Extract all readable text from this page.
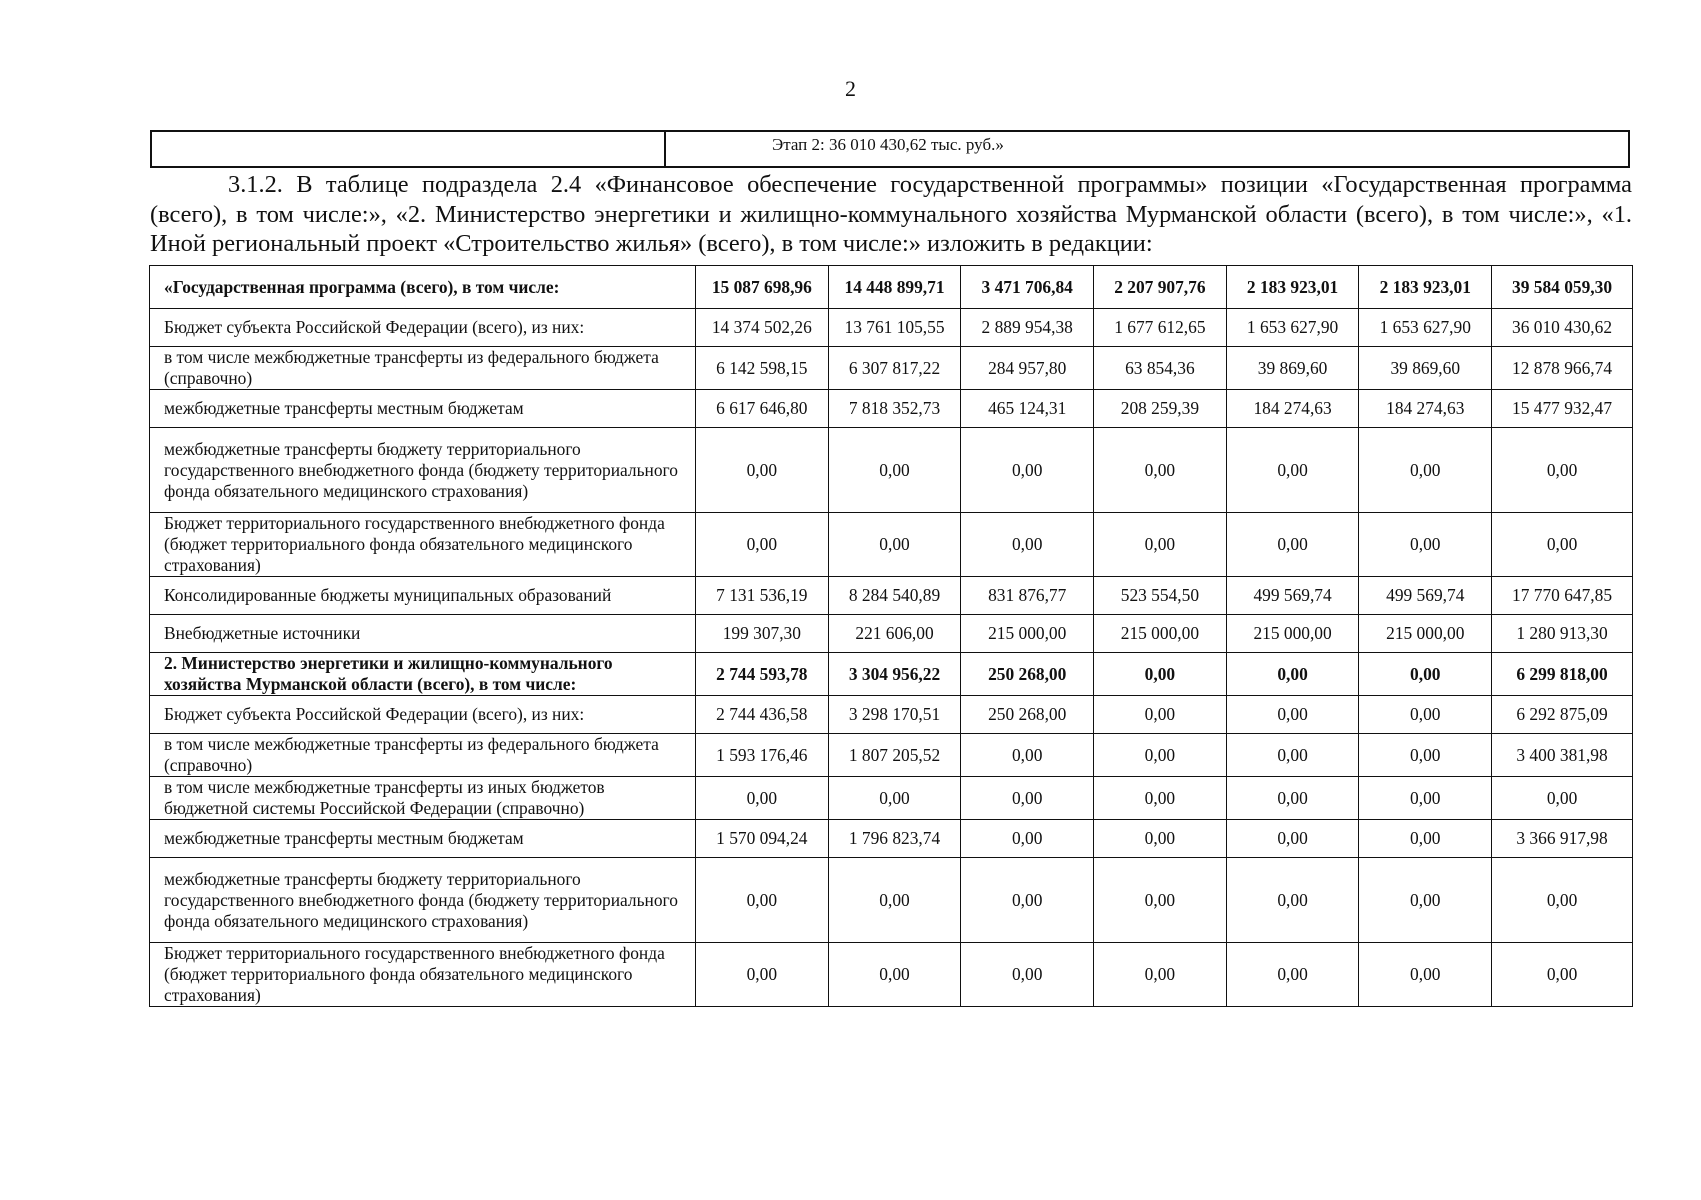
2
Этап 2: 36 010 430,62 тыс. руб.»

3.1.2. В таблице подраздела 2.4 «Финансовое обеспечение государственной программы» позиции «Государственная программа (всего), в том числе:», «2. Министерство энергетики и жилищно-коммунального хозяйства Мурманской области (всего), в том числе:», «1. Иной региональный проект «Строительство жилья» (всего), в том числе:» изложить в редакции:

«Государственная программа (всего), в том числе:	15 087 698,96	14 448 899,71	3 471 706,84	2 207 907,76	2 183 923,01	2 183 923,01	39 584 059,30
Бюджет субъекта Российской Федерации (всего), из них:	14 374 502,26	13 761 105,55	2 889 954,38	1 677 612,65	1 653 627,90	1 653 627,90	36 010 430,62
в том числе межбюджетные трансферты из федерального бюджета (справочно)	6 142 598,15	6 307 817,22	284 957,80	63 854,36	39 869,60	39 869,60	12 878 966,74
межбюджетные трансферты местным бюджетам	6 617 646,80	7 818 352,73	465 124,31	208 259,39	184 274,63	184 274,63	15 477 932,47
межбюджетные трансферты бюджету территориального государственного внебюджетного фонда (бюджету территориального фонда обязательного медицинского страхования)	0,00	0,00	0,00	0,00	0,00	0,00	0,00
Бюджет территориального государственного внебюджетного фонда (бюджет территориального фонда обязательного медицинского страхования)	0,00	0,00	0,00	0,00	0,00	0,00	0,00
Консолидированные бюджеты муниципальных образований	7 131 536,19	8 284 540,89	831 876,77	523 554,50	499 569,74	499 569,74	17 770 647,85
Внебюджетные источники	199 307,30	221 606,00	215 000,00	215 000,00	215 000,00	215 000,00	1 280 913,30
2. Министерство энергетики и жилищно-коммунального хозяйства Мурманской области (всего), в том числе:	2 744 593,78	3 304 956,22	250 268,00	0,00	0,00	0,00	6 299 818,00
Бюджет субъекта Российской Федерации (всего), из них:	2 744 436,58	3 298 170,51	250 268,00	0,00	0,00	0,00	6 292 875,09
в том числе межбюджетные трансферты из федерального бюджета (справочно)	1 593 176,46	1 807 205,52	0,00	0,00	0,00	0,00	3 400 381,98
в том числе межбюджетные трансферты из иных бюджетов бюджетной системы Российской Федерации (справочно)	0,00	0,00	0,00	0,00	0,00	0,00	0,00
межбюджетные трансферты местным бюджетам	1 570 094,24	1 796 823,74	0,00	0,00	0,00	0,00	3 366 917,98
межбюджетные трансферты бюджету территориального государственного внебюджетного фонда (бюджету территориального фонда обязательного медицинского страхования)	0,00	0,00	0,00	0,00	0,00	0,00	0,00
Бюджет территориального государственного внебюджетного фонда (бюджет территориального фонда обязательного медицинского страхования)	0,00	0,00	0,00	0,00	0,00	0,00	0,00
